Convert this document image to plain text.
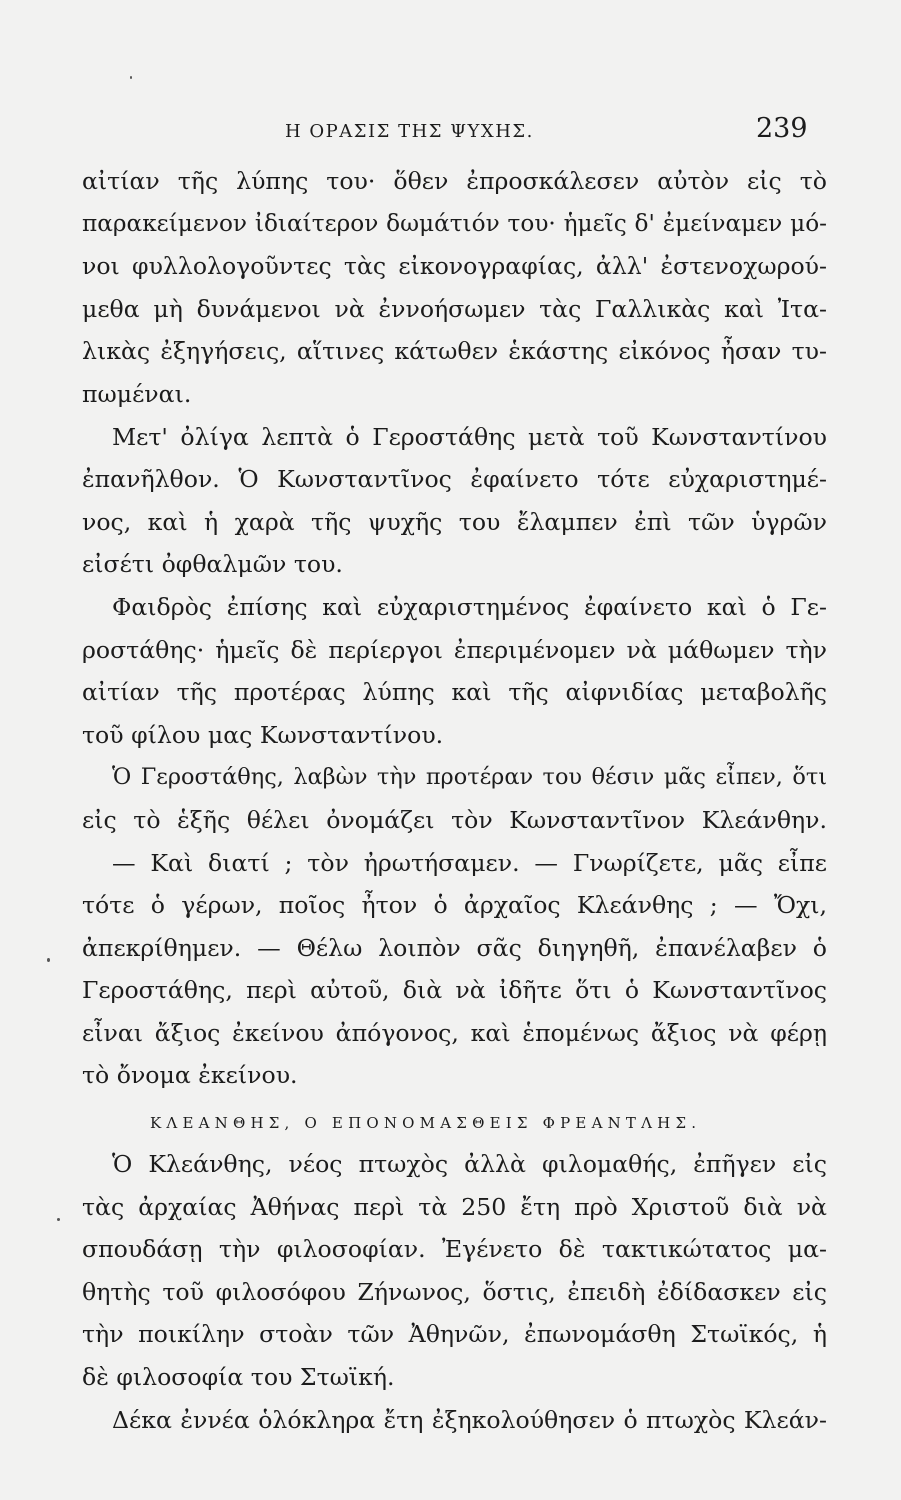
Η ΟΡΑΣΙΣ ΤΗΣ ΨΥΧΗΣ.	239
αἰτίαν τῆς λύπης του· ὅθεν ἐπροσκάλεσεν αὐτὸν εἰς τὸ
παρακείμενον ἰδιαίτερον δωμάτιόν του· ἡμεῖς δ' ἐμείναμεν μό-
νοι φυλλολογοῦντες τὰς εἰκονογραφίας, ἀλλ' ἐστενοχωρού-
μεθα μὴ δυνάμενοι νὰ ἐννοήσωμεν τὰς Γαλλικὰς καὶ Ἰτα-
λικὰς ἐξηγήσεις, αἵτινες κάτωθεν ἑκάστης εἰκόνος ἦσαν τυ-
πωμέναι.
Μετ' ὀλίγα λεπτὰ ὁ Γεροστάθης μετὰ τοῦ Κωνσταντίνου
ἐπανῆλθον. Ὁ Κωνσταντῖνος ἐφαίνετο τότε εὐχαριστημέ-
νος, καὶ ἡ χαρὰ τῆς ψυχῆς του ἔλαμπεν ἐπὶ τῶν ὑγρῶν
εἰσέτι ὀφθαλμῶν του.
Φαιδρὸς ἐπίσης καὶ εὐχαριστημένος ἐφαίνετο καὶ ὁ Γε-
ροστάθης· ἡμεῖς δὲ περίεργοι ἐπεριμένομεν νὰ μάθωμεν τὴν
αἰτίαν τῆς προτέρας λύπης καὶ τῆς αἰφνιδίας μεταβολῆς
τοῦ φίλου μας Κωνσταντίνου.
Ὁ Γεροστάθης, λαβὼν τὴν προτέραν του θέσιν μᾶς εἶπεν, ὅτι
εἰς τὸ ἑξῆς θέλει ὀνομάζει τὸν Κωνσταντῖνον Κλεάνθην.
— Καὶ διατί ; τὸν ἠρωτήσαμεν. — Γνωρίζετε, μᾶς εἶπε
τότε ὁ γέρων, ποῖος ἦτον ὁ ἀρχαῖος Κλεάνθης ; — Ὄχι,
ἀπεκρίθημεν. — Θέλω λοιπὸν σᾶς διηγηθῆ, ἐπανέλαβεν ὁ
Γεροστάθης, περὶ αὐτοῦ, διὰ νὰ ἰδῆτε ὅτι ὁ Κωνσταντῖνος
εἶναι ἄξιος ἐκείνου ἀπόγονος, καὶ ἑπομένως ἄξιος νὰ φέρῃ
τὸ ὄνομα ἐκείνου.
ΚΛΕΑΝΘΗΣ, Ο ΕΠΟΝΟΜΑΣΘΕΙΣ ΦΡΕΑΝΤΛΗΣ.
Ὁ Κλεάνθης, νέος πτωχὸς ἀλλὰ φιλομαθής, ἐπῆγεν εἰς
τὰς ἀρχαίας Ἀθήνας περὶ τὰ 250 ἔτη πρὸ Χριστοῦ διὰ νὰ
σπουδάσῃ τὴν φιλοσοφίαν. Ἐγένετο δὲ τακτικώτατος μα-
θητὴς τοῦ φιλοσόφου Ζήνωνος, ὅστις, ἐπειδὴ ἐδίδασκεν εἰς
τὴν ποικίλην στοὰν τῶν Ἀθηνῶν, ἐπωνομάσθη Στωϊκός, ἡ
δὲ φιλοσοφία του Στωϊκή.
Δέκα ἐννέα ὁλόκληρα ἔτη ἐξηκολούθησεν ὁ πτωχὸς Κλεάν-
